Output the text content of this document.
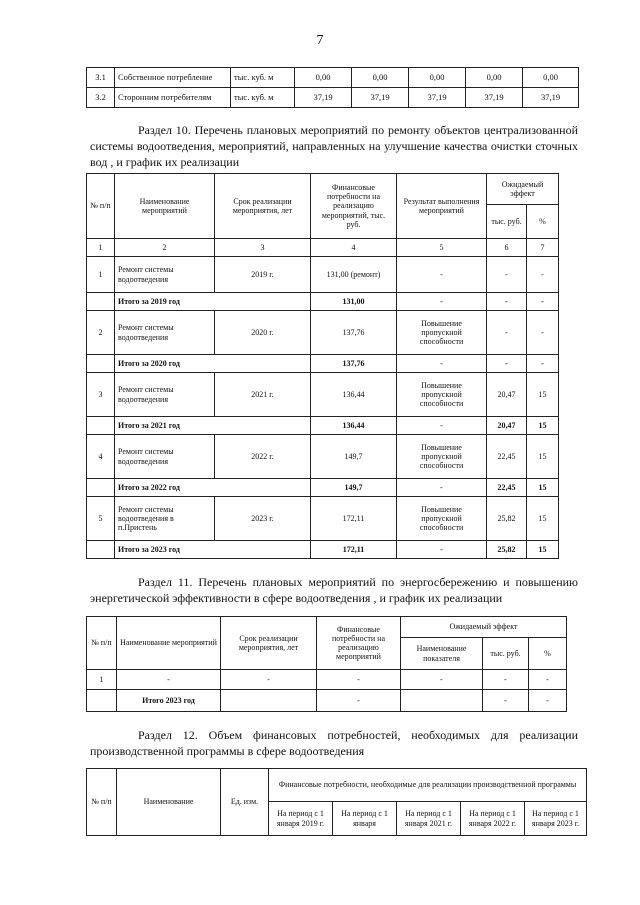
7
3.1	Собственное потребление	тыс. куб. м	0,00	0,00	0,00	0,00	0,00
3.2	Сторонним потребителям	тыс. куб. м	37,19	37,19	37,19	37,19	37,19

Раздел 10. Перечень плановых мероприятий по ремонту объектов централизованной системы водоотведения, мероприятий, направленных на улучшение качества очистки сточных вод , и график их реализации

№ п/п	Наименование мероприятий	Срок реализации мероприятия, лет	Финансовые потребности на реализацию мероприятий, тыс. руб.	Результат выполнения мероприятий	Ожидаемый эффект	
					тыс. руб.	%
1	2	3	4	5	6	7
1	Ремонт системы водоотведения	2019 г.	131,00 (ремонт)	-	-	-
	Итого за 2019 год		131,00	-	-	-
2	Ремонт системы водоотведения	2020 г.	137,76	Повышение пропускной способности	-	-
	Итого за 2020 год		137,76	-	-	-
3	Ремонт системы водоотведения	2021 г.	136,44	Повышение пропускной способности	20,47	15
	Итого за 2021 год		136,44	-	20,47	15
4	Ремонт системы водоотведения	2022 г.	149,7	Повышение пропускной способности	22,45	15
	Итого за 2022 год		149,7	-	22,45	15
5	Ремонт системы водоотведения в п.Пристень	2023 г.	172,11	Повышение пропускной способности	25,82	15
	Итого за 2023 год		172,11	-	25,82	15

Раздел 11. Перечень плановых мероприятий по энергосбережению и повышению энергетической эффективности в сфере водоотведения , и график их реализации

№ п/п	Наименование мероприятий	Срок реализации мероприятия, лет	Финансовые потребности на реализацию мероприятий	Ожидаемый эффект		
				Наименование показателя	тыс. руб.	%
1	-	-	-	-	-	-
	Итого 2023 год		-		-	-

Раздел 12. Объем финансовых потребностей, необходимых для реализации производственной программы в сфере водоотведения

№ п/п	Наименование	Ед. изм.	Финансовые потребности, необходимые для реализации производственной программы				
			На период с 1 января 2019 г.	На период с 1 января	На период с 1 января 2021 г.	На период с 1 января 2022 г.	На период с 1 января 2023 г.
